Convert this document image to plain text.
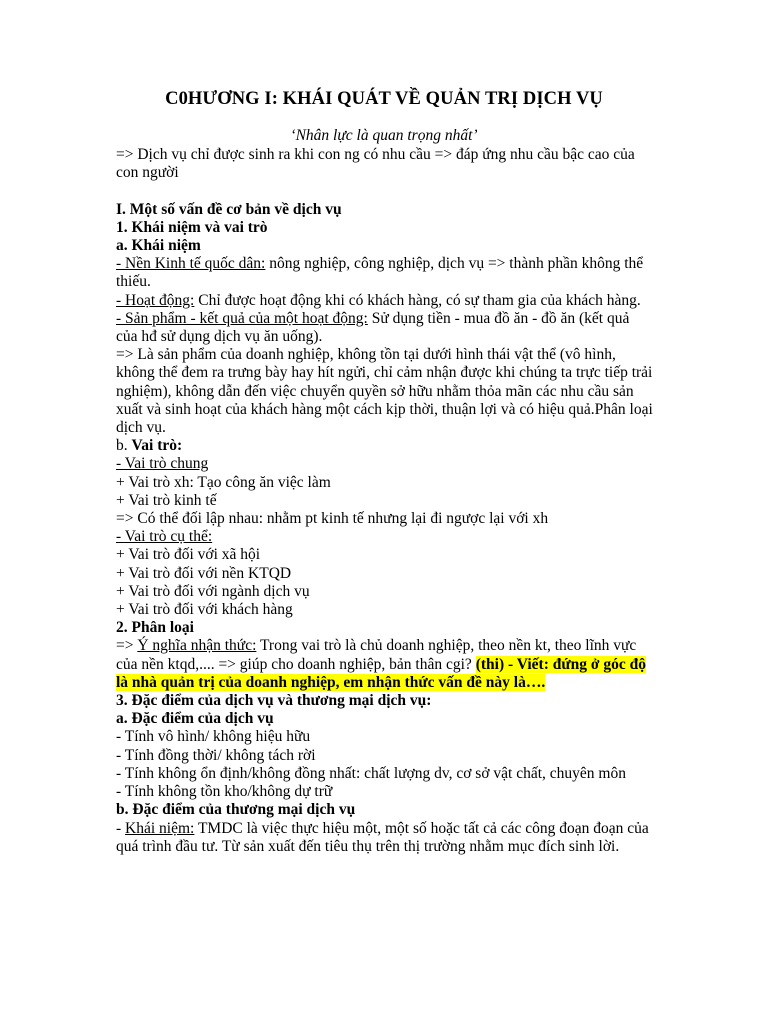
C0HƯƠNG I: KHÁI QUÁT VỀ QUẢN TRỊ DỊCH VỤ
‘Nhân lực là quan trọng nhất’

=> Dịch vụ chỉ được sinh ra khi con ng có nhu cầu => đáp ứng nhu cầu bậc cao của con người

I. Một số vấn đề cơ bản về dịch vụ

1. Khái niệm và vai trò

a. Khái niệm

- Nền Kinh tế quốc dân: nông nghiệp, công nghiệp, dịch vụ => thành phần không thể thiếu.

- Hoạt động: Chỉ được hoạt động khi có khách hàng, có sự tham gia của khách hàng.

- Sản phẩm - kết quả của một hoạt động: Sử dụng tiền - mua đồ ăn - đồ ăn (kết quả của hđ sử dụng dịch vụ ăn uống).

=> Là sản phẩm của doanh nghiệp, không tồn tại dưới hình thái vật thể (vô hình, không thể đem ra trưng bày hay hít ngửi, chỉ cảm nhận được khi chúng ta trực tiếp trải nghiệm), không dẫn đến việc chuyển quyền sở hữu nhằm thỏa mãn các nhu cầu sản xuất và sinh hoạt của khách hàng một cách kịp thời, thuận lợi và có hiệu quả.Phân loại dịch vụ.

b. Vai trò:

- Vai trò chung

+ Vai trò xh: Tạo công ăn việc làm

+ Vai trò kinh tế

=> Có thể đối lập nhau: nhằm pt kinh tế nhưng lại đi ngược lại với xh

- Vai trò cụ thể:

+ Vai trò đối với xã hội

+ Vai trò đối với nền KTQD

+ Vai trò đối với ngành dịch vụ

+ Vai trò đối với khách hàng

2. Phân loại

=> Ý nghĩa nhận thức: Trong vai trò là chủ doanh nghiệp, theo nền kt, theo lĩnh vực của nền ktqd,.... => giúp cho doanh nghiệp, bản thân cgi? (thi) - Viết: đứng ở góc độ là nhà quản trị của doanh nghiệp, em nhận thức vấn đề này là….

3. Đặc điểm của dịch vụ và thương mại dịch vụ:

a. Đặc điểm của dịch vụ

- Tính vô hình/ không hiệu hữu

- Tính đồng thời/ không tách rời

- Tính không ổn định/không đồng nhất: chất lượng dv, cơ sở vật chất, chuyên môn

- Tính không tồn kho/không dự trữ

b. Đặc điểm của thương mại dịch vụ

- Khái niệm: TMDC là việc thực hiệu một, một số hoặc tất cả các công đoạn đoạn của quá trình đầu tư. Từ sản xuất đến tiêu thụ trên thị trường nhằm mục đích sinh lời.
